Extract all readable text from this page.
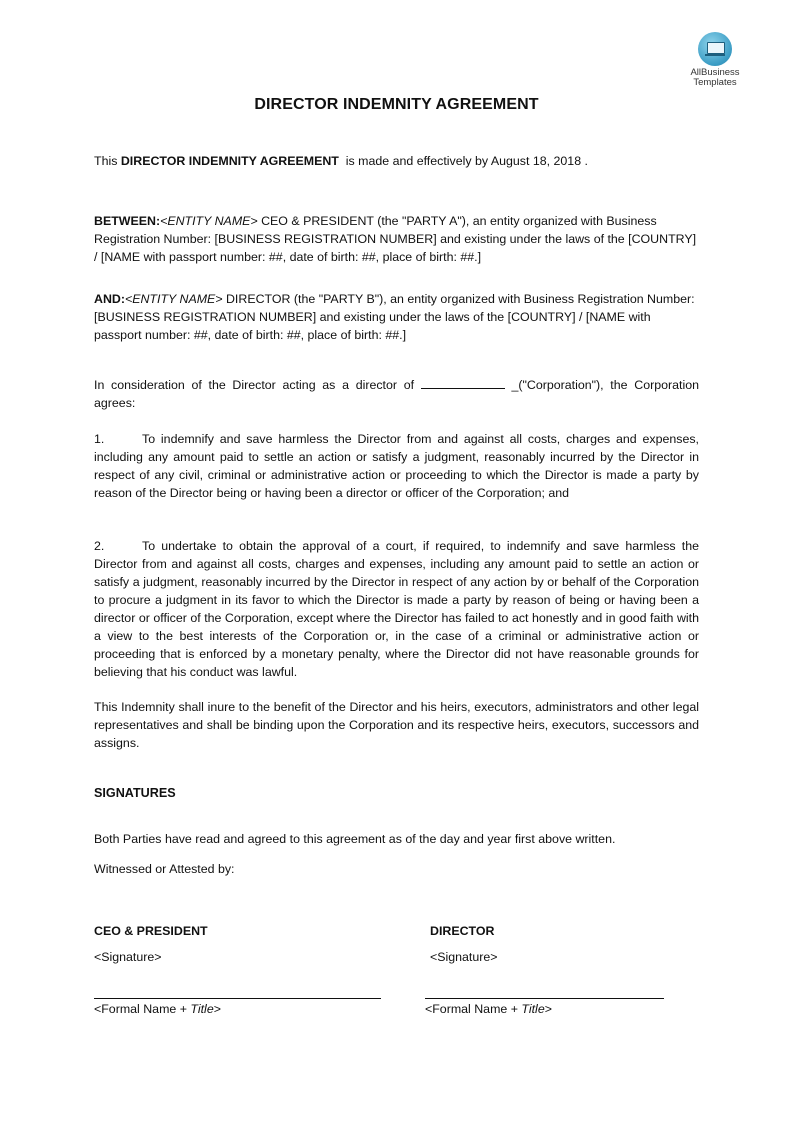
AllBusiness
Templates
DIRECTOR INDEMNITY AGREEMENT
This DIRECTOR INDEMNITY AGREEMENT  is made and effectively by August 18, 2018 .
BETWEEN:<ENTITY NAME> CEO & PRESIDENT (the "PARTY A"), an entity organized with Business Registration Number: [BUSINESS REGISTRATION NUMBER] and existing under the laws of the [COUNTRY] / [NAME with passport number: ##, date of birth: ##, place of birth: ##.]
AND:<ENTITY NAME> DIRECTOR (the "PARTY B"), an entity organized with Business Registration Number: [BUSINESS REGISTRATION NUMBER] and existing under the laws of the [COUNTRY] / [NAME with passport number: ##, date of birth: ##, place of birth: ##.]
In consideration of the Director acting as a director of	_("Corporation"), the Corporation agrees:
1.	To indemnify and save harmless the Director from and against all costs, charges and expenses, including any amount paid to settle an action or satisfy a judgment, reasonably incurred by the Director in respect of any civil, criminal or administrative action or proceeding to which the Director is made a party by reason of the Director being or having been a director or officer of the Corporation; and
2.	To undertake to obtain the approval of a court, if required, to indemnify and save harmless the Director from and against all costs, charges and expenses, including any amount paid to settle an action or satisfy a judgment, reasonably incurred by the Director in respect of any action by or behalf of the Corporation to procure a judgment in its favor to which the Director is made a party by reason of being or having been a director or officer of the Corporation, except where the Director has failed to act honestly and in good faith with a view to the best interests of the Corporation or, in the case of a criminal or administrative action or proceeding that is enforced by a monetary penalty, where the Director did not have reasonable grounds for believing that his conduct was lawful.
This Indemnity shall inure to the benefit of the Director and his heirs, executors, administrators and other legal representatives and shall be binding upon the Corporation and its respective heirs, executors, successors and assigns.
SIGNATURES
Both Parties have read and agreed to this agreement as of the day and year first above written.
Witnessed or Attested by:
CEO & PRESIDENT
<Signature>
<Formal Name + Title>
DIRECTOR
<Signature>
<Formal Name + Title>
